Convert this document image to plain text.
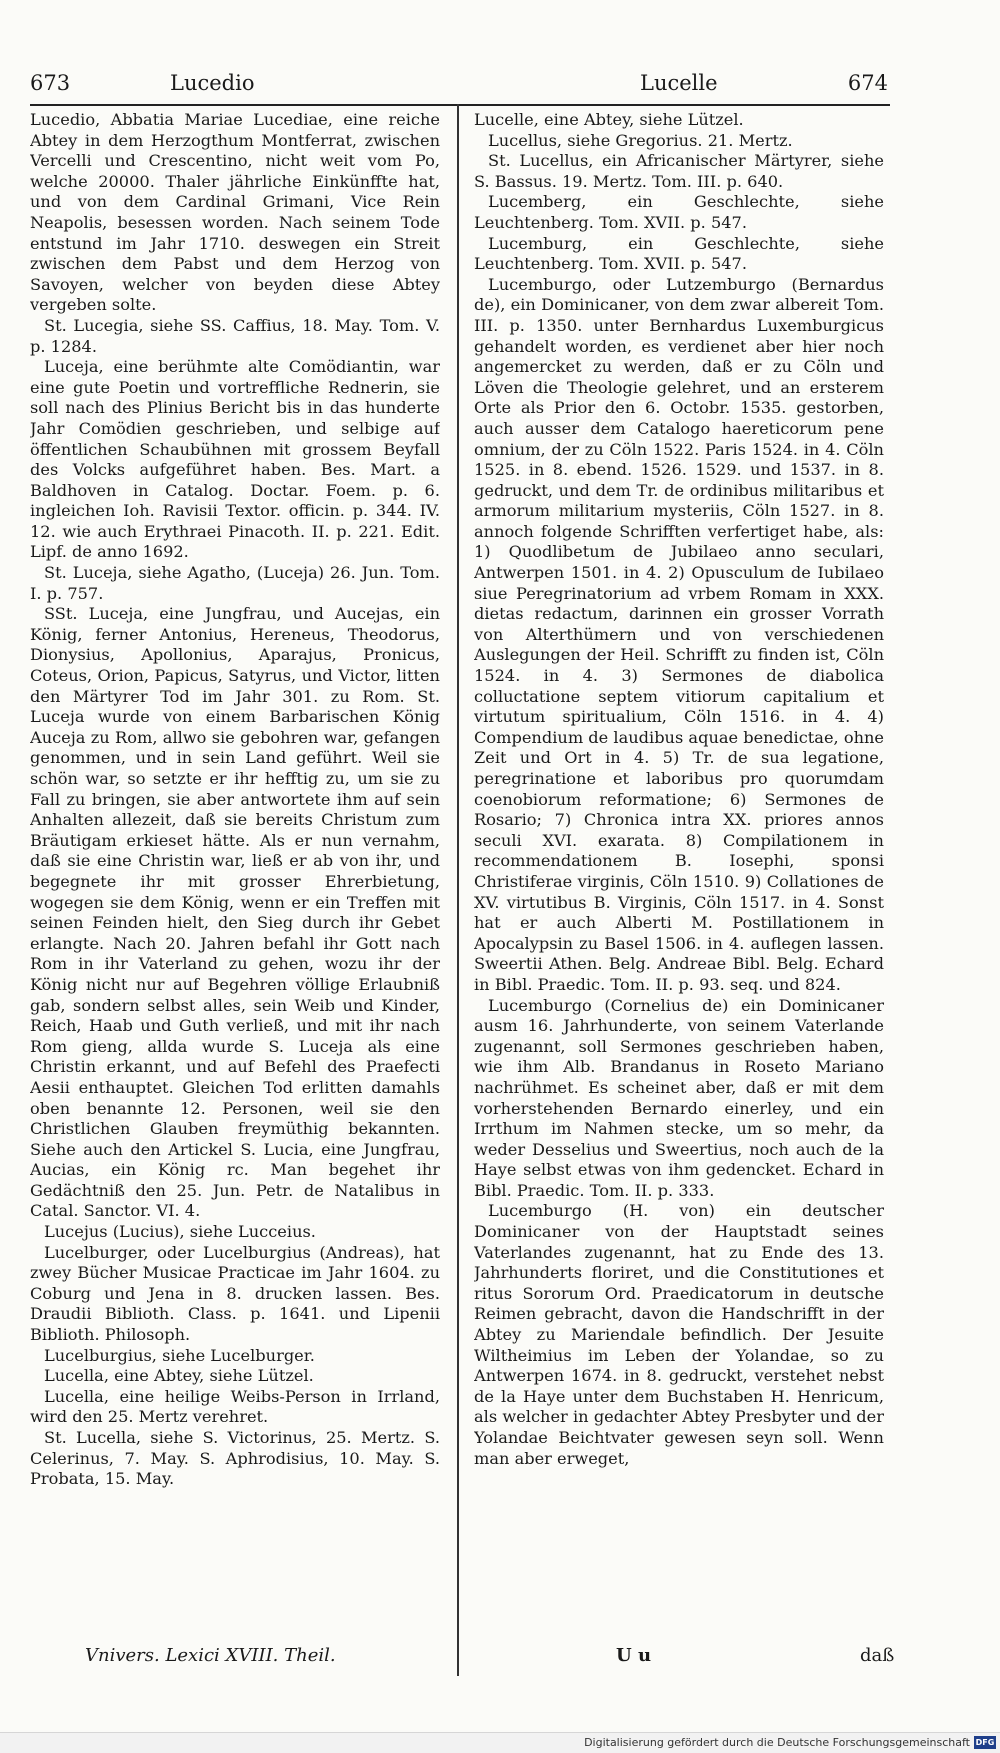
673	Lucedio	Lucelle	674

Lucedio, Abbatia Mariae Lucediae, eine reiche Abtey in dem Herzogthum Montferrat, zwischen Vercelli und Crescentino, nicht weit vom Po, welche 20000. Thaler jährliche Einkünffte hat, und von dem Cardinal Grimani, Vice Rein Neapolis, besessen worden. Nach seinem Tode entstund im Jahr 1710. deswegen ein Streit zwischen dem Pabst und dem Herzog von Savoyen, welcher von beyden diese Abtey vergeben solte.

St. Lucegia, siehe SS. Caffius, 18. May. Tom. V. p. 1284.

Luceja, eine berühmte alte Comödiantin, war eine gute Poetin und vortreffliche Rednerin, sie soll nach des Plinius Bericht bis in das hunderte Jahr Comödien geschrieben, und selbige auf öffentlichen Schaubühnen mit grossem Beyfall des Volcks aufgeführet haben. Bes. Mart. a Baldhoven in Catalog. Doctar. Foem. p. 6. ingleichen Ioh. Ravisii Textor. officin. p. 344. IV. 12. wie auch Erythraei Pinacoth. II. p. 221. Edit. Lipf. de anno 1692.

St. Luceja, siehe Agatho, (Luceja) 26. Jun. Tom. I. p. 757.

SSt. Luceja, eine Jungfrau, und Aucejas, ein König, ferner Antonius, Hereneus, Theodorus, Dionysius, Apollonius, Aparajus, Pronicus, Coteus, Orion, Papicus, Satyrus, und Victor, litten den Märtyrer Tod im Jahr 301. zu Rom. St. Luceja wurde von einem Barbarischen König Auceja zu Rom, allwo sie gebohren war, gefangen genommen, und in sein Land geführt. Weil sie schön war, so setzte er ihr hefftig zu, um sie zu Fall zu bringen, sie aber antwortete ihm auf sein Anhalten allezeit, daß sie bereits Christum zum Bräutigam erkieset hätte. Als er nun vernahm, daß sie eine Christin war, ließ er ab von ihr, und begegnete ihr mit grosser Ehrerbietung, wogegen sie dem König, wenn er ein Treffen mit seinen Feinden hielt, den Sieg durch ihr Gebet erlangte. Nach 20. Jahren befahl ihr Gott nach Rom in ihr Vaterland zu gehen, wozu ihr der König nicht nur auf Begehren völlige Erlaubniß gab, sondern selbst alles, sein Weib und Kinder, Reich, Haab und Guth verließ, und mit ihr nach Rom gieng, allda wurde S. Luceja als eine Christin erkannt, und auf Befehl des Praefecti Aesii enthauptet. Gleichen Tod erlitten damahls oben benannte 12. Personen, weil sie den Christlichen Glauben freymüthig bekannten. Siehe auch den Artickel S. Lucia, eine Jungfrau, Aucias, ein König rc. Man begehet ihr Gedächtniß den 25. Jun. Petr. de Natalibus in Catal. Sanctor. VI. 4.

Lucejus (Lucius), siehe Lucceius.

Lucelburger, oder Lucelburgius (Andreas), hat zwey Bücher Musicae Practicae im Jahr 1604. zu Coburg und Jena in 8. drucken lassen. Bes. Draudii Biblioth. Class. p. 1641. und Lipenii Biblioth. Philosoph.

Lucelburgius, siehe Lucelburger.

Lucella, eine Abtey, siehe Lützel.

Lucella, eine heilige Weibs-Person in Irrland, wird den 25. Mertz verehret.

St. Lucella, siehe S. Victorinus, 25. Mertz. S. Celerinus, 7. May. S. Aphrodisius, 10. May. S. Probata, 15. May.

Lucelle, eine Abtey, siehe Lützel.

Lucellus, siehe Gregorius. 21. Mertz.

St. Lucellus, ein Africanischer Märtyrer, siehe S. Bassus. 19. Mertz. Tom. III. p. 640.

Lucemberg, ein Geschlechte, siehe Leuchtenberg. Tom. XVII. p. 547.

Lucemburg, ein Geschlechte, siehe Leuchtenberg. Tom. XVII. p. 547.

Lucemburgo, oder Lutzemburgo (Bernardus de), ein Dominicaner, von dem zwar albereit Tom. III. p. 1350. unter Bernhardus Luxemburgicus gehandelt worden, es verdienet aber hier noch angemercket zu werden, daß er zu Cöln und Löven die Theologie gelehret, und an ersterem Orte als Prior den 6. Octobr. 1535. gestorben, auch ausser dem Catalogo haereticorum pene omnium, der zu Cöln 1522. Paris 1524. in 4. Cöln 1525. in 8. ebend. 1526. 1529. und 1537. in 8. gedruckt, und dem Tr. de ordinibus militaribus et armorum militarium mysteriis, Cöln 1527. in 8. annoch folgende Schrifften verfertiget habe, als: 1) Quodlibetum de Jubilaeo anno seculari, Antwerpen 1501. in 4. 2) Opusculum de Iubilaeo siue Peregrinatorium ad vrbem Romam in XXX. dietas redactum, darinnen ein grosser Vorrath von Alterthümern und von verschiedenen Auslegungen der Heil. Schrifft zu finden ist, Cöln 1524. in 4. 3) Sermones de diabolica colluctatione septem vitiorum capitalium et virtutum spiritualium, Cöln 1516. in 4. 4) Compendium de laudibus aquae benedictae, ohne Zeit und Ort in 4. 5) Tr. de sua legatione, peregrinatione et laboribus pro quorumdam coenobiorum reformatione; 6) Sermones de Rosario; 7) Chronica intra XX. priores annos seculi XVI. exarata. 8) Compilationem in recommendationem B. Iosephi, sponsi Christiferae virginis, Cöln 1510. 9) Collationes de XV. virtutibus B. Virginis, Cöln 1517. in 4. Sonst hat er auch Alberti M. Postillationem in Apocalypsin zu Basel 1506. in 4. auflegen lassen. Sweertii Athen. Belg. Andreae Bibl. Belg. Echard in Bibl. Praedic. Tom. II. p. 93. seq. und 824.

Lucemburgo (Cornelius de) ein Dominicaner ausm 16. Jahrhunderte, von seinem Vaterlande zugenannt, soll Sermones geschrieben haben, wie ihm Alb. Brandanus in Roseto Mariano nachrühmet. Es scheinet aber, daß er mit dem vorherstehenden Bernardo einerley, und ein Irrthum im Nahmen stecke, um so mehr, da weder Desselius und Sweertius, noch auch de la Haye selbst etwas von ihm gedencket. Echard in Bibl. Praedic. Tom. II. p. 333.

Lucemburgo (H. von) ein deutscher Dominicaner von der Hauptstadt seines Vaterlandes zugenannt, hat zu Ende des 13. Jahrhunderts floriret, und die Constitutiones et ritus Sororum Ord. Praedicatorum in deutsche Reimen gebracht, davon die Handschrifft in der Abtey zu Mariendale befindlich. Der Jesuite Wiltheimius im Leben der Yolandae, so zu Antwerpen 1674. in 8. gedruckt, verstehet nebst de la Haye unter dem Buchstaben H. Henricum, als welcher in gedachter Abtey Presbyter und der Yolandae Beichtvater gewesen seyn soll. Wenn man aber erweget,

Vnivers. Lexici XVIII. Theil.	U u	daß
Digitalisierung gefördert durch die Deutsche Forschungsgemeinschaft DFG
